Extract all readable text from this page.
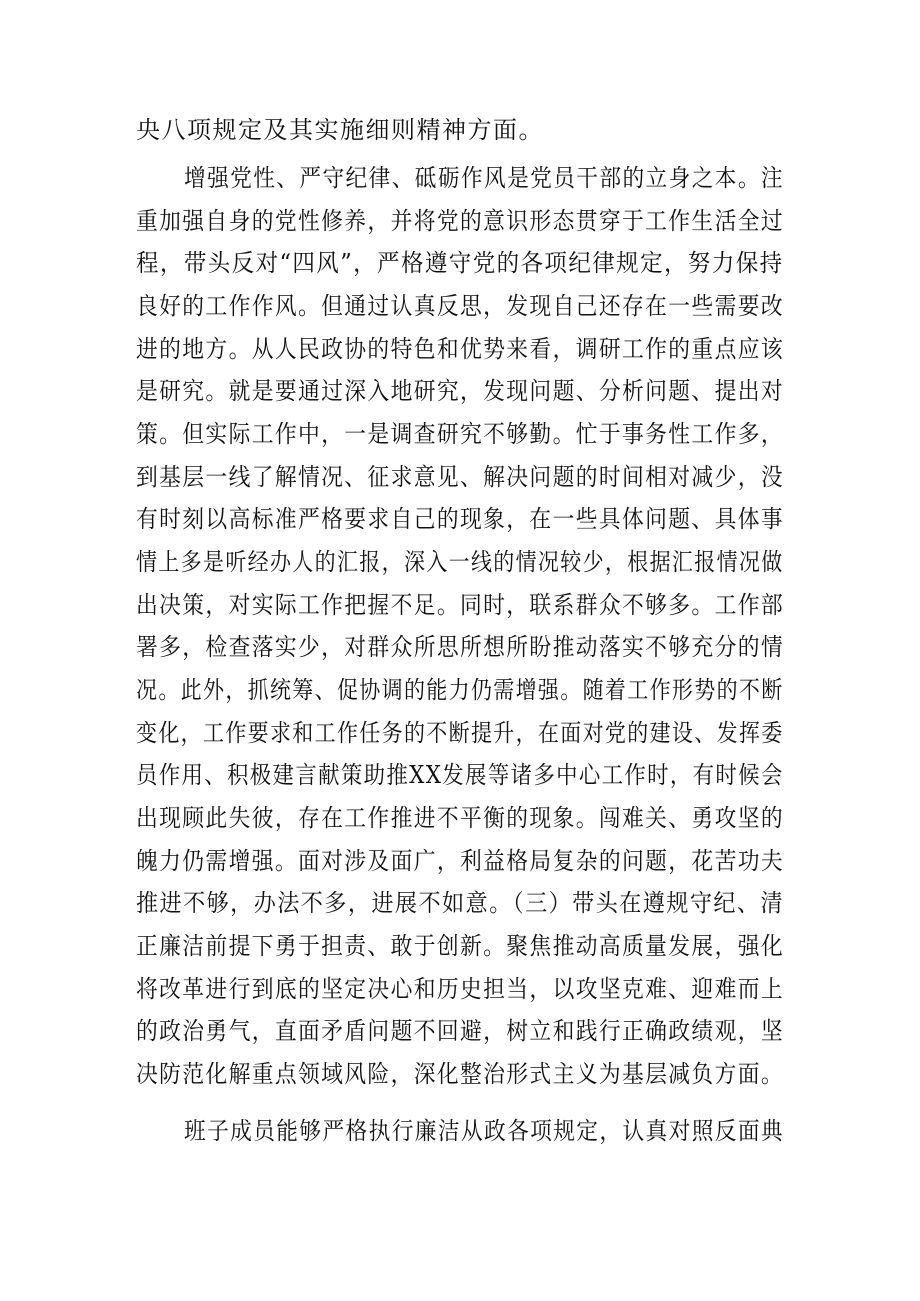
央八项规定及其实施细则精神方面。
增强党性、严守纪律、砥砺作风是党员干部的立身之本。注
重加强自身的党性修养，并将党的意识形态贯穿于工作生活全过
程，带头反对“四风”，严格遵守党的各项纪律规定，努力保持
良好的工作作风。但通过认真反思，发现自己还存在一些需要改
进的地方。从人民政协的特色和优势来看，调研工作的重点应该
是研究。就是要通过深入地研究，发现问题、分析问题、提出对
策。但实际工作中，一是调查研究不够勤。忙于事务性工作多，
到基层一线了解情况、征求意见、解决问题的时间相对减少，没
有时刻以高标准严格要求自己的现象，在一些具体问题、具体事
情上多是听经办人的汇报，深入一线的情况较少，根据汇报情况做
出决策，对实际工作把握不足。同时，联系群众不够多。工作部
署多，检查落实少，对群众所思所想所盼推动落实不够充分的情
况。此外，抓统筹、促协调的能力仍需增强。随着工作形势的不断
变化，工作要求和工作任务的不断提升，在面对党的建设、发挥委
员作用、积极建言献策助推XX发展等诸多中心工作时，有时候会
出现顾此失彼，存在工作推进不平衡的现象。闯难关、勇攻坚的
魄力仍需增强。面对涉及面广，利益格局复杂的问题，花苦功夫
推进不够，办法不多，进展不如意。（三）带头在遵规守纪、清
正廉洁前提下勇于担责、敢于创新。聚焦推动高质量发展，强化
将改革进行到底的坚定决心和历史担当，以攻坚克难、迎难而上
的政治勇气，直面矛盾问题不回避，树立和践行正确政绩观，坚
决防范化解重点领域风险，深化整治形式主义为基层减负方面。
班子成员能够严格执行廉洁从政各项规定，认真对照反面典
